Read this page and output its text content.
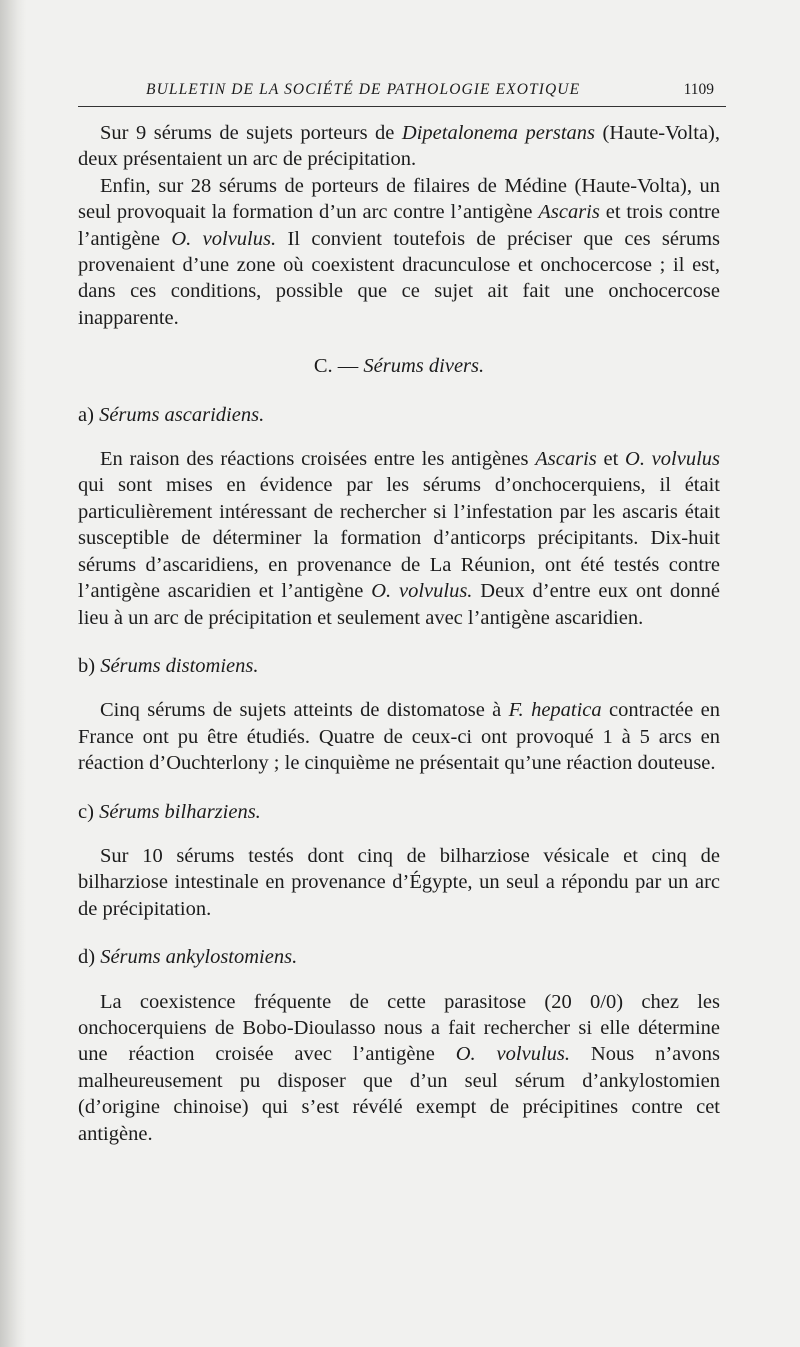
BULLETIN DE LA SOCIÉTÉ DE PATHOLOGIE EXOTIQUE	1109

Sur 9 sérums de sujets porteurs de Dipetalonema perstans (Haute-Volta), deux présentaient un arc de précipitation.

Enfin, sur 28 sérums de porteurs de filaires de Médine (Haute-Volta), un seul provoquait la formation d’un arc contre l’antigène Ascaris et trois contre l’antigène O. volvulus. Il convient toutefois de préciser que ces sérums provenaient d’une zone où coexistent dracunculose et onchocercose ; il est, dans ces conditions, possible que ce sujet ait fait une onchocercose inapparente.

C. — Sérums divers.

a) Sérums ascaridiens.

En raison des réactions croisées entre les antigènes Ascaris et O. volvulus qui sont mises en évidence par les sérums d’onchocerquiens, il était particulièrement intéressant de rechercher si l’infestation par les ascaris était susceptible de déterminer la formation d’anticorps précipitants. Dix-huit sérums d’ascaridiens, en provenance de La Réunion, ont été testés contre l’antigène ascaridien et l’antigène O. volvulus. Deux d’entre eux ont donné lieu à un arc de précipitation et seulement avec l’antigène ascaridien.

b) Sérums distomiens.

Cinq sérums de sujets atteints de distomatose à F. hepatica contractée en France ont pu être étudiés. Quatre de ceux-ci ont provoqué 1 à 5 arcs en réaction d’Ouchterlony ; le cinquième ne présentait qu’une réaction douteuse.

c) Sérums bilharziens.

Sur 10 sérums testés dont cinq de bilharziose vésicale et cinq de bilharziose intestinale en provenance d’Égypte, un seul a répondu par un arc de précipitation.

d) Sérums ankylostomiens.

La coexistence fréquente de cette parasitose (20 0/0) chez les onchocerquiens de Bobo-Dioulasso nous a fait rechercher si elle détermine une réaction croisée avec l’antigène O. volvulus. Nous n’avons malheureusement pu disposer que d’un seul sérum d’ankylostomien (d’origine chinoise) qui s’est révélé exempt de précipitines contre cet antigène.
